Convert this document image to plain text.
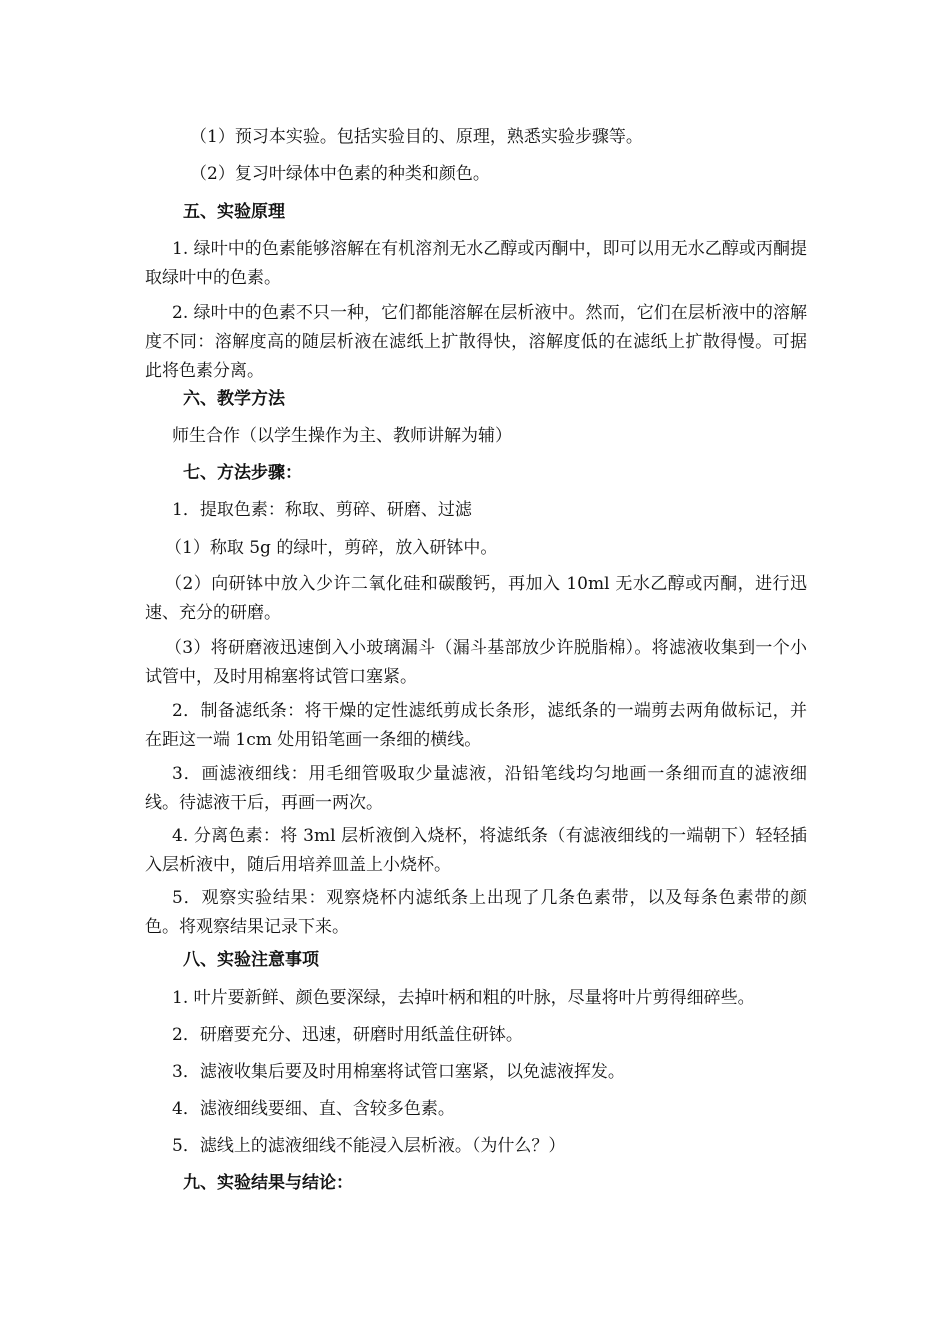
（1）预习本实验。包括实验目的、原理，熟悉实验步骤等。
（2）复习叶绿体中色素的种类和颜色。
五、实验原理
1. 绿叶中的色素能够溶解在有机溶剂无水乙醇或丙酮中，即可以用无水乙醇或丙酮提取绿叶中的色素。
2. 绿叶中的色素不只一种，它们都能溶解在层析液中。然而，它们在层析液中的溶解度不同：溶解度高的随层析液在滤纸上扩散得快，溶解度低的在滤纸上扩散得慢。可据此将色素分离。
六、教学方法
师生合作（以学生操作为主、教师讲解为辅）
七、方法步骤：
1．提取色素：称取、剪碎、研磨、过滤
（1）称取 5g 的绿叶，剪碎，放入研钵中。
（2）向研钵中放入少许二氧化硅和碳酸钙，再加入 10ml 无水乙醇或丙酮，进行迅速、充分的研磨。
（3）将研磨液迅速倒入小玻璃漏斗（漏斗基部放少许脱脂棉）。将滤液收集到一个小试管中，及时用棉塞将试管口塞紧。
2．制备滤纸条：将干燥的定性滤纸剪成长条形，滤纸条的一端剪去两角做标记，并在距这一端 1cm 处用铅笔画一条细的横线。
3．画滤液细线：用毛细管吸取少量滤液，沿铅笔线均匀地画一条细而直的滤液细线。待滤液干后，再画一两次。
4. 分离色素：将 3ml 层析液倒入烧杯，将滤纸条（有滤液细线的一端朝下）轻轻插入层析液中，随后用培养皿盖上小烧杯。
5．观察实验结果：观察烧杯内滤纸条上出现了几条色素带，以及每条色素带的颜色。将观察结果记录下来。
八、实验注意事项
1. 叶片要新鲜、颜色要深绿，去掉叶柄和粗的叶脉，尽量将叶片剪得细碎些。
2．研磨要充分、迅速，研磨时用纸盖住研钵。
3．滤液收集后要及时用棉塞将试管口塞紧，以免滤液挥发。
4．滤液细线要细、直、含较多色素。
5．滤线上的滤液细线不能浸入层析液。（为什么？）
九、实验结果与结论：
